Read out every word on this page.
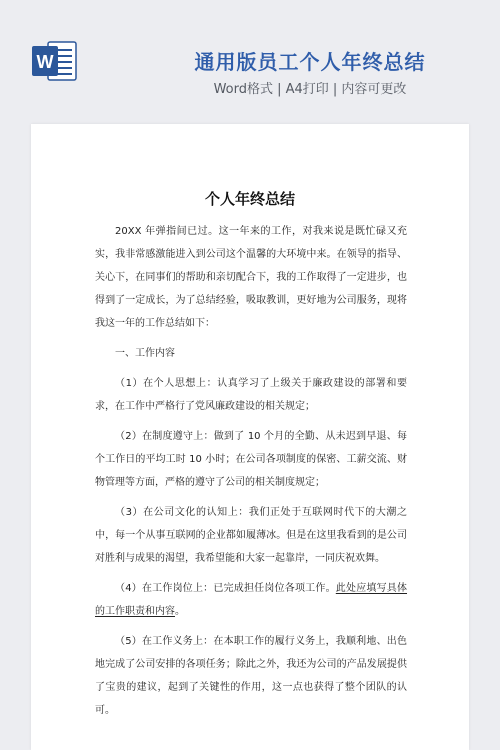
W	通用版员工个人年终总结
Word格式 | A4打印 | 内容可更改
个人年终总结

20XX 年弹指间已过。这一年来的工作，对我来说是既忙碌又充实，我非常感激能进入到公司这个温馨的大环境中来。在领导的指导、关心下，在同事们的帮助和亲切配合下，我的工作取得了一定进步，也得到了一定成长，为了总结经验，吸取教训，更好地为公司服务，现将我这一年的工作总结如下：

一、工作内容

（1）在个人思想上：认真学习了上级关于廉政建设的部署和要求，在工作中严格行了党风廉政建设的相关规定；

（2）在制度遵守上：做到了 10 个月的全勤、从未迟到早退、每个工作日的平均工时 10 小时；在公司各项制度的保密、工薪交流、财物管理等方面，严格的遵守了公司的相关制度规定；

（3）在公司文化的认知上：我们正处于互联网时代下的大潮之中，每一个从事互联网的企业都如履薄冰。但是在这里我看到的是公司对胜利与成果的渴望，我希望能和大家一起靠岸，一同庆祝欢舞。

（4）在工作岗位上：已完成担任岗位各项工作。此处应填写具体的工作职责和内容。

（5）在工作义务上：在本职工作的履行义务上，我顺利地、出色地完成了公司安排的各项任务；除此之外，我还为公司的产品发展提供了宝贵的建议，起到了关键性的作用，这一点也获得了整个团队的认可。
